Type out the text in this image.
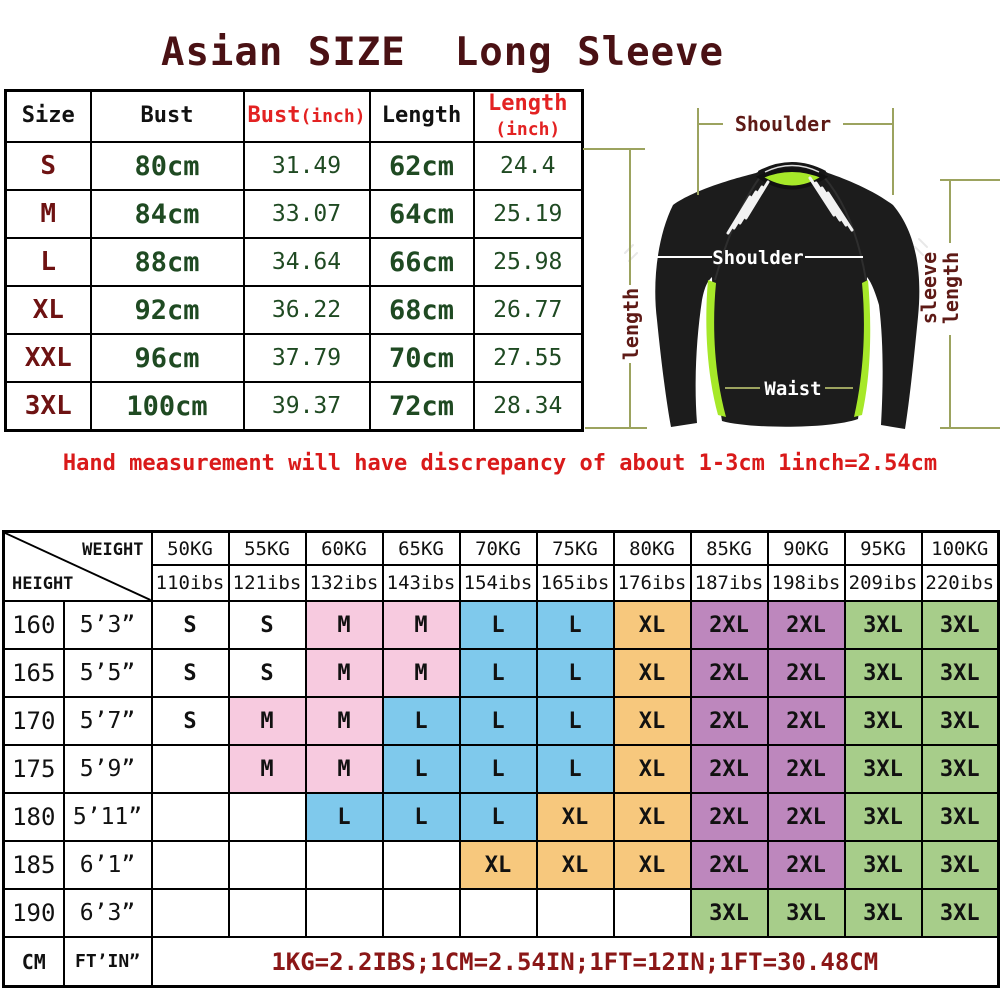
Asian SIZE  Long Sleeve
Size	Bust	Bust(inch)	Length	Length
(inch)
S	80cm	31.49	62cm	24.4
M	84cm	33.07	64cm	25.19
L	88cm	34.64	66cm	25.98
XL	92cm	36.22	68cm	26.77
XXL	96cm	37.79	70cm	27.55
3XL	100cm	39.37	72cm	28.34
Hand measurement will have discrepancy of about 1-3cm 1inch=2.54cm
Shoulder
length	sleevelength
Shoulder
Waist
WEIGHT
HEIGHT		50KG	55KG	60KG	65KG	70KG	75KG	80KG	85KG	90KG	95KG	100KG
		110ibs	121ibs	132ibs	143ibs	154ibs	165ibs	176ibs	187ibs	198ibs	209ibs	220ibs
160	5’3”	S	S	M	M	L	L	XL	2XL	2XL	3XL	3XL
165	5’5”	S	S	M	M	L	L	XL	2XL	2XL	3XL	3XL
170	5’7”	S	M	M	L	L	L	XL	2XL	2XL	3XL	3XL
175	5’9”		M	M	L	L	L	XL	2XL	2XL	3XL	3XL
180	5’11”			L	L	L	XL	XL	2XL	2XL	3XL	3XL
185	6’1”					XL	XL	XL	2XL	2XL	3XL	3XL
190	6’3”								3XL	3XL	3XL	3XL
CM	FT’IN”	1KG=2.2IBS;1CM=2.54IN;1FT=12IN;1FT=30.48CM										
